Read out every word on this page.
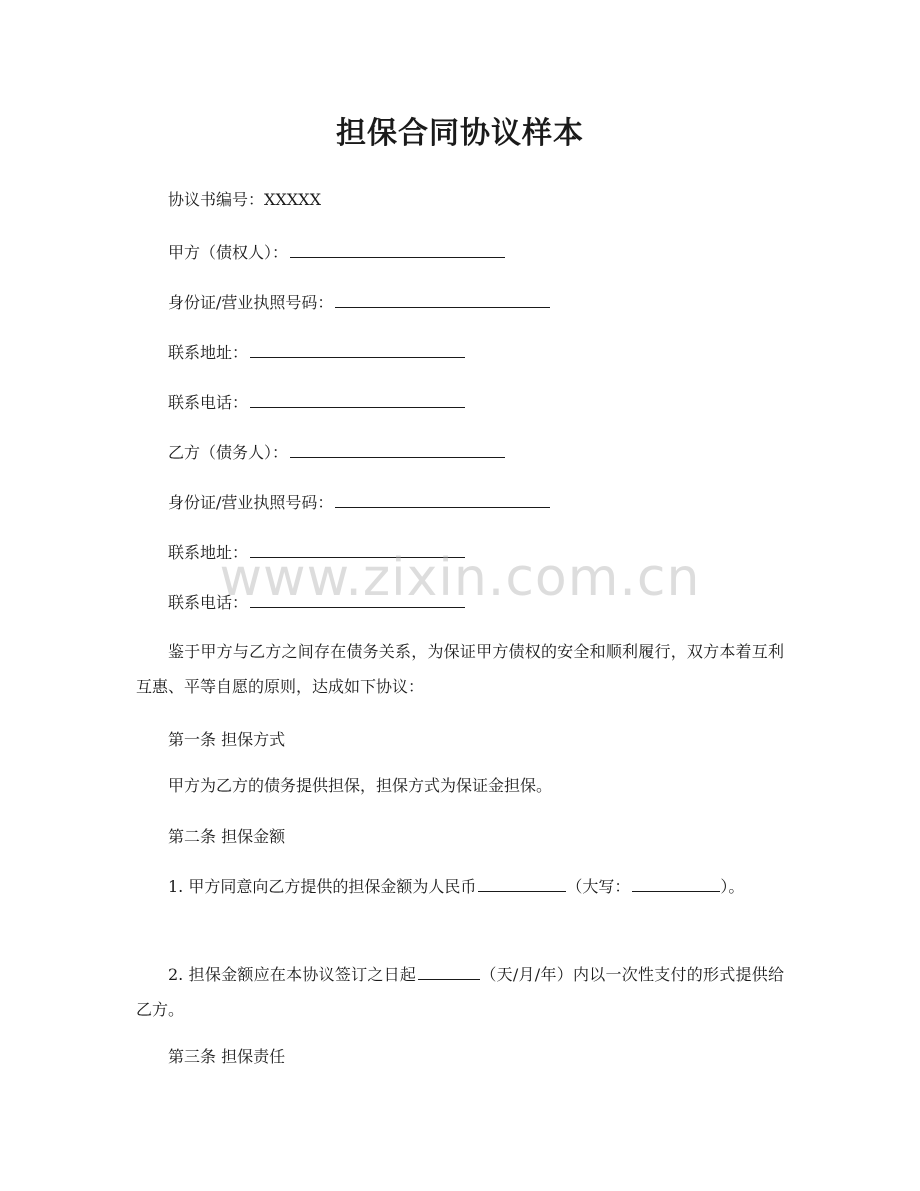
担保合同协议样本
协议书编号：XXXXX
甲方（债权人）：
身份证/营业执照号码：
联系地址：
联系电话：
乙方（债务人）：
身份证/营业执照号码：
联系地址：
联系电话：

鉴于甲方与乙方之间存在债务关系，为保证甲方债权的安全和顺利履行，双方本着互利互惠、平等自愿的原则，达成如下协议：

第一条 担保方式
甲方为乙方的债务提供担保，担保方式为保证金担保。
第二条 担保金额

1. 甲方同意向乙方提供的担保金额为人民币	（大写：	）。

2. 担保金额应在本协议签订之日起	（天/月/年）内以一次性支付的形式提供给乙方。

第三条 担保责任
www.zixin.com.cn
